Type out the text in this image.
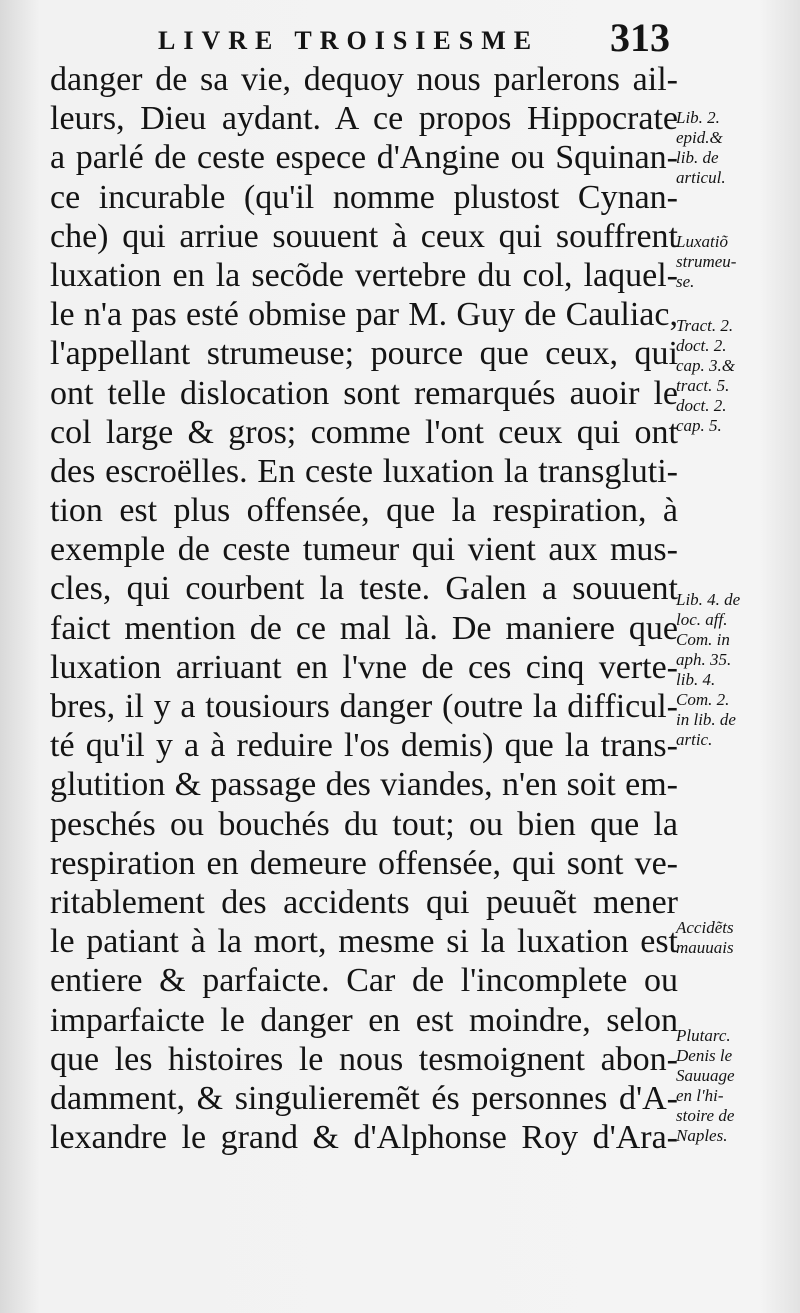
LIVRE TROISIESME 313
danger de sa vie, dequoy nous parlerons ail-
leurs, Dieu aydant. A ce propos Hippocrate
a parlé de ceste espece d'Angine ou Squinan-
ce incurable (qu'il nomme plustost Cynan-
che) qui arriue souuent à ceux qui souffrent
luxation en la secõde vertebre du col, laquel-
le n'a pas esté obmise par M. Guy de Cauliac,
l'appellant strumeuse; pource que ceux, qui
ont telle dislocation sont remarqués auoir le
col large & gros; comme l'ont ceux qui ont
des escroëlles. En ceste luxation la transgluti-
tion est plus offensée, que la respiration, à
exemple de ceste tumeur qui vient aux mus-
cles, qui courbent la teste. Galen a souuent
faict mention de ce mal là. De maniere que
luxation arriuant en l'vne de ces cinq verte-
bres, il y a tousiours danger (outre la difficul-
té qu'il y a à reduire l'os demis) que la trans-
glutition & passage des viandes, n'en soit em-
peschés ou bouchés du tout; ou bien que la
respiration en demeure offensée, qui sont ve-
ritablement des accidents qui peuuẽt mener
le patiant à la mort, mesme si la luxation est
entiere & parfaicte. Car de l'incomplete ou
imparfaicte le danger en est moindre, selon
que les histoires le nous tesmoignent abon-
damment, & singulieremẽt és personnes d'A-
lexandre le grand & d'Alphonse Roy d'Ara-
Lib. 2.
epid.&
lib. de
articul.
Luxatiõ
strumeu-
se.
Tract. 2.
doct. 2.
cap. 3.&
tract. 5.
doct. 2.
cap. 5.
Lib. 4. de
loc. aff.
Com. in
aph. 35.
lib. 4.
Com. 2.
in lib. de
artic.
Accidẽts
mauuais
Plutarc.
Denis le
Sauuage
en l'hi-
stoire de
Naples.
